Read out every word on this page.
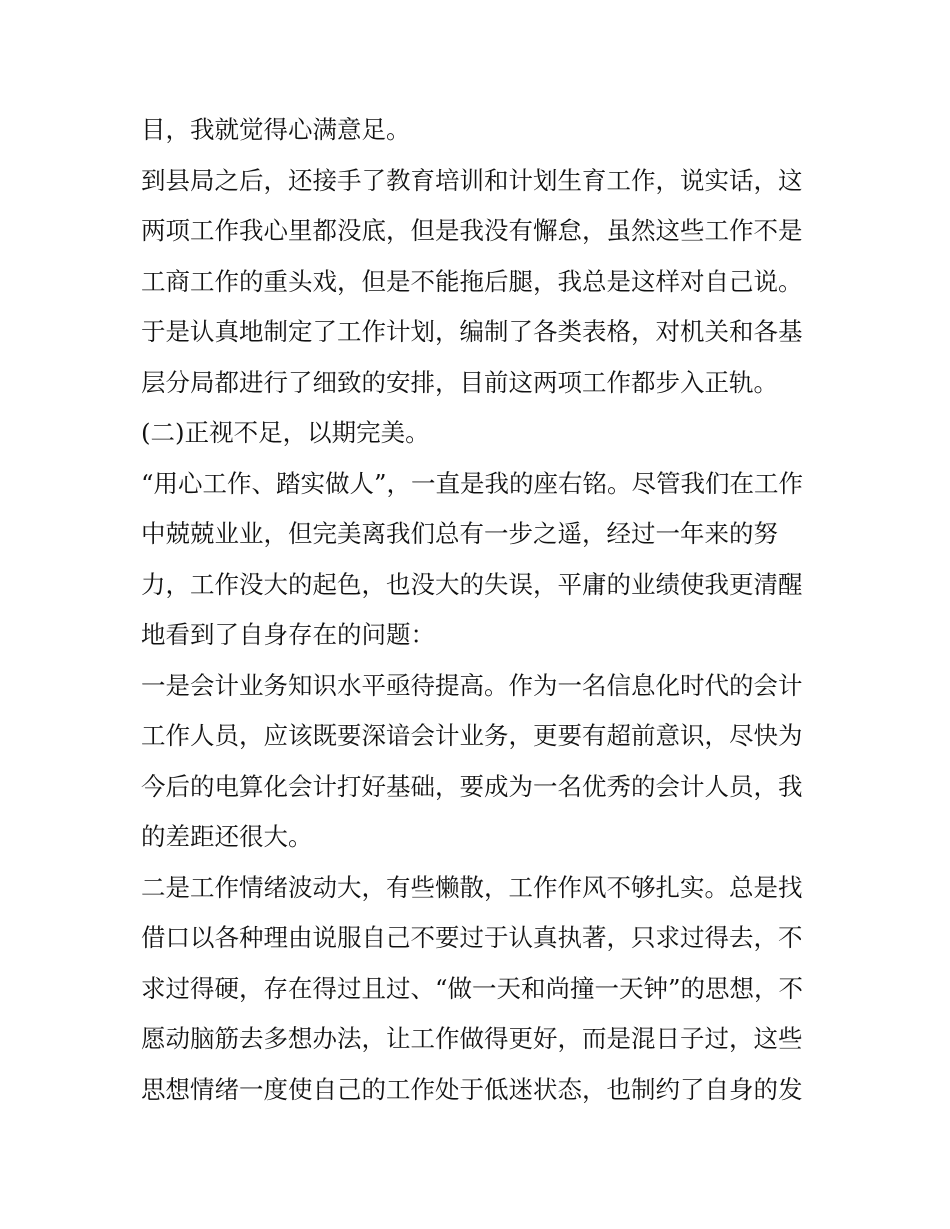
目，我就觉得心满意足。
到县局之后，还接手了教育培训和计划生育工作，说实话，这
两项工作我心里都没底，但是我没有懈怠，虽然这些工作不是
工商工作的重头戏，但是不能拖后腿，我总是这样对自己说。
于是认真地制定了工作计划，编制了各类表格，对机关和各基
层分局都进行了细致的安排，目前这两项工作都步入正轨。
(二)正视不足，以期完美。
“用心工作、踏实做人”，一直是我的座右铭。尽管我们在工作
中兢兢业业，但完美离我们总有一步之遥，经过一年来的努
力，工作没大的起色，也没大的失误，平庸的业绩使我更清醒
地看到了自身存在的问题：
一是会计业务知识水平亟待提高。作为一名信息化时代的会计
工作人员，应该既要深谙会计业务，更要有超前意识，尽快为
今后的电算化会计打好基础，要成为一名优秀的会计人员，我
的差距还很大。
二是工作情绪波动大，有些懒散，工作作风不够扎实。总是找
借口以各种理由说服自己不要过于认真执著，只求过得去，不
求过得硬，存在得过且过、“做一天和尚撞一天钟”的思想，不
愿动脑筋去多想办法，让工作做得更好，而是混日子过，这些
思想情绪一度使自己的工作处于低迷状态，也制约了自身的发
